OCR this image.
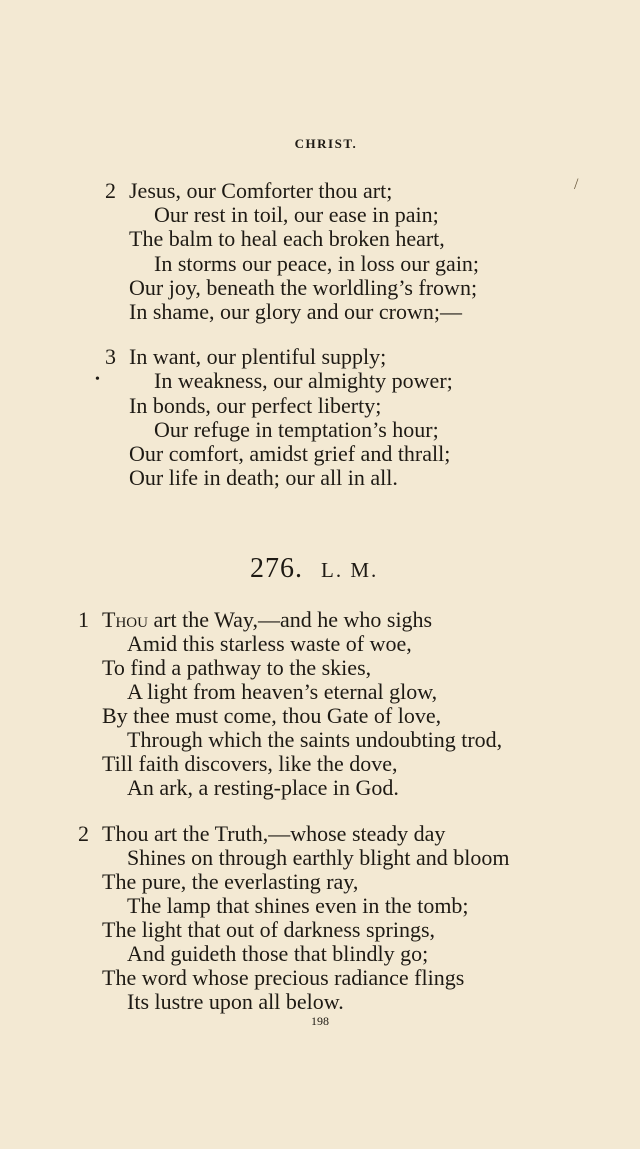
CHRIST.
/
2 Jesus, our Comforter thou art;
Our rest in toil, our ease in pain;
The balm to heal each broken heart,
In storms our peace, in loss our gain;
Our joy, beneath the worldling’s frown;
In shame, our glory and our crown;—
3 In want, our plentiful supply;
In weakness, our almighty power;
In bonds, our perfect liberty;
Our refuge in temptation’s hour;
Our comfort, amidst grief and thrall;
Our life in death; our all in all.
•
276. L. M.
1 Thou art the Way,—and he who sighs
Amid this starless waste of woe,
To find a pathway to the skies,
A light from heaven’s eternal glow,
By thee must come, thou Gate of love,
Through which the saints undoubting trod,
Till faith discovers, like the dove,
An ark, a resting-place in God.
2 Thou art the Truth,—whose steady day
Shines on through earthly blight and bloom
The pure, the everlasting ray,
The lamp that shines even in the tomb;
The light that out of darkness springs,
And guideth those that blindly go;
The word whose precious radiance flings
Its lustre upon all below.
198
